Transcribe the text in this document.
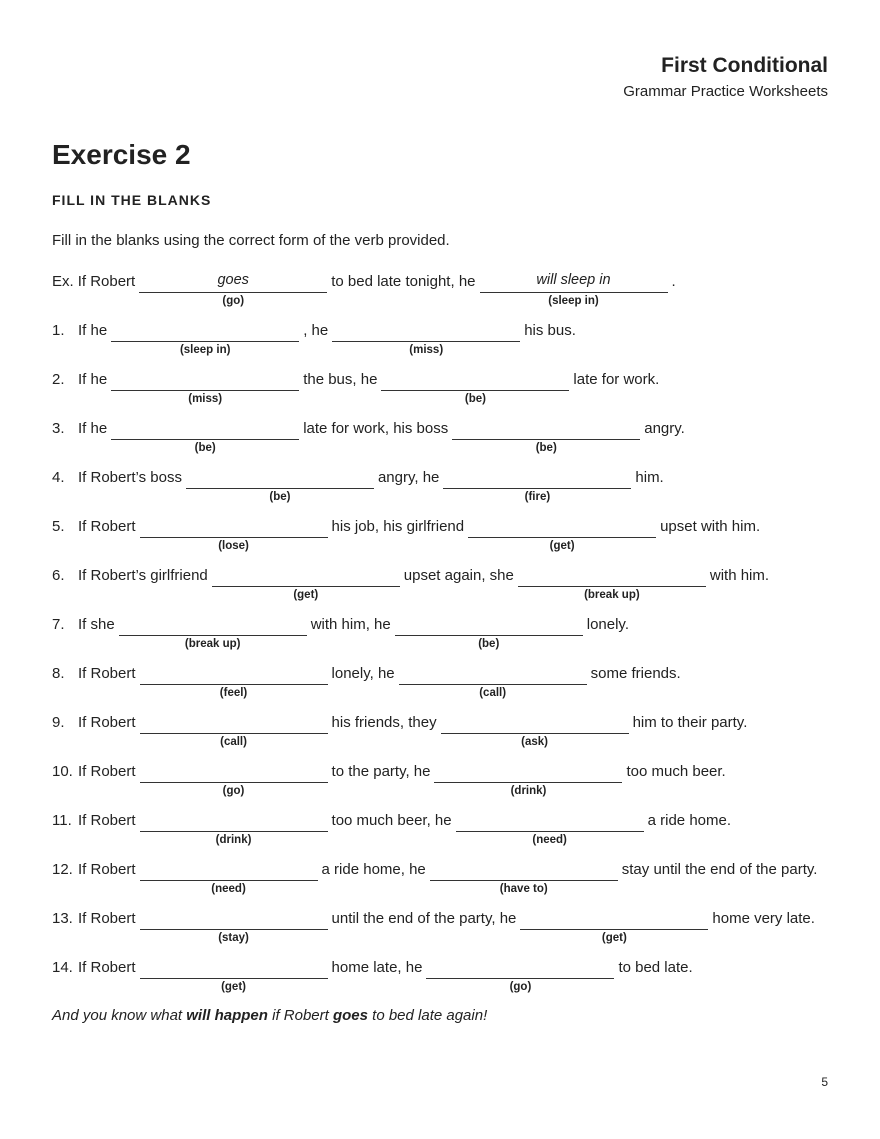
First Conditional
Grammar Practice Worksheets
Exercise 2
FILL IN THE BLANKS
Fill in the blanks using the correct form of the verb provided.
Ex. If Robert	goes
(go)
to bed late tonight, he	will sleep in
(sleep in)
.
1. If he
(sleep in)
, he
(miss)
his bus.
2. If he
(miss)
the bus, he
(be)
late for work.
3. If he
(be)
late for work, his boss
(be)
angry.
4. If Robert’s boss
(be)
angry, he
(fire)
him.
5. If Robert
(lose)
his job, his girlfriend
(get)
upset with him.
6. If Robert’s girlfriend
(get)
upset again, she
(break up)
with him.
7. If she
(break up)
with him, he
(be)
lonely.
8. If Robert
(feel)
lonely, he
(call)
some friends.
9. If Robert
(call)
his friends, they
(ask)
him to their party.
10. If Robert
(go)
to the party, he
(drink)
too much beer.
11. If Robert
(drink)
too much beer, he
(need)
a ride home.
12. If Robert
(need)
a ride home, he
(have to)
stay until the end of the party.
13. If Robert
(stay)
until the end of the party, he
(get)
home very late.
14. If Robert
(get)
home late, he
(go)
to bed late.
And you know what will happen if Robert goes to bed late again!
5
